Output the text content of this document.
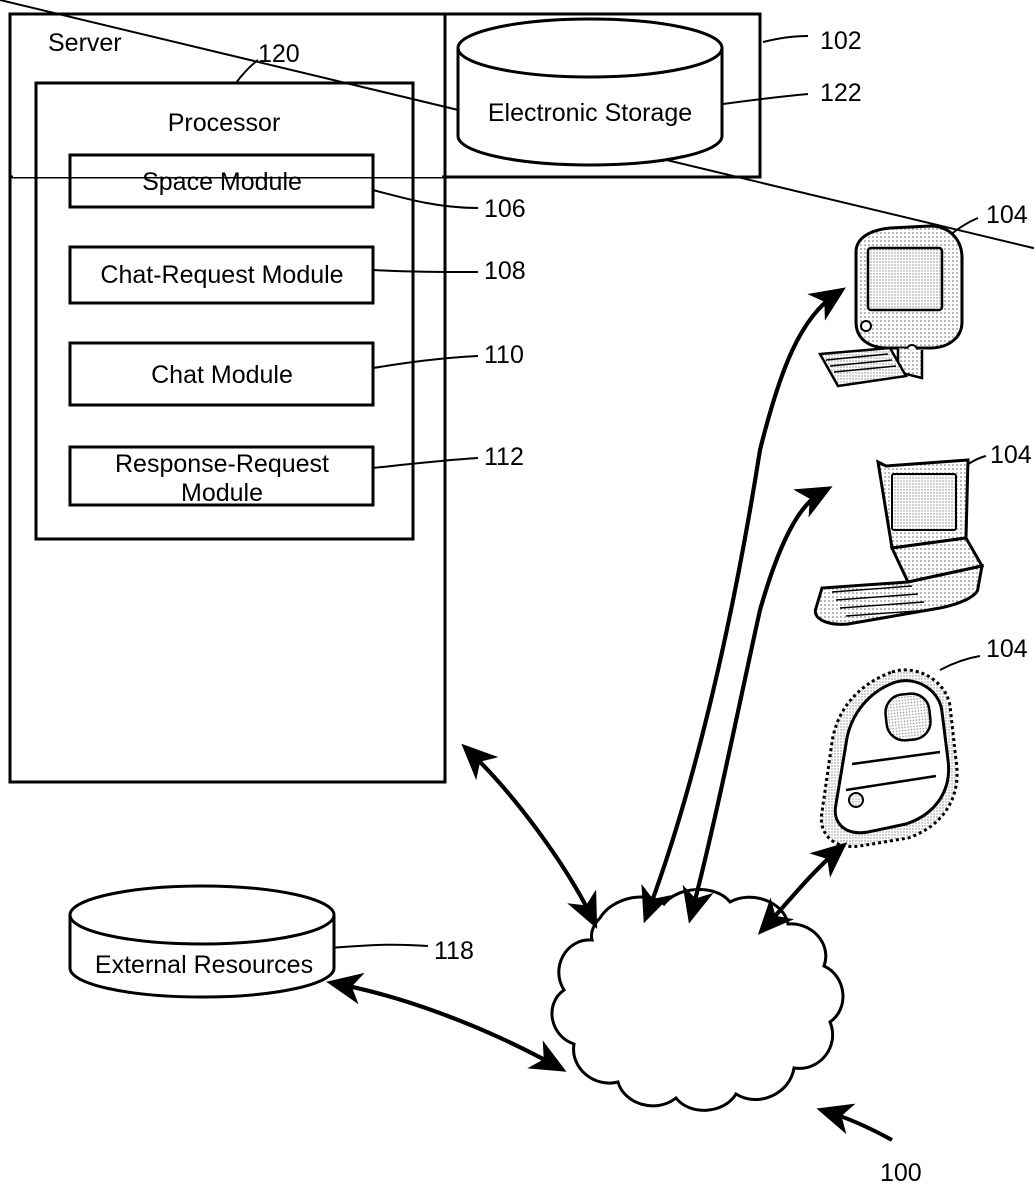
Server	102
122
Electronic Storage
120
Processor
Space Module
106
Chat-Request Module	108
Chat Module
110
Response-Request Module
112
External Resources	118
104
104
104
100
